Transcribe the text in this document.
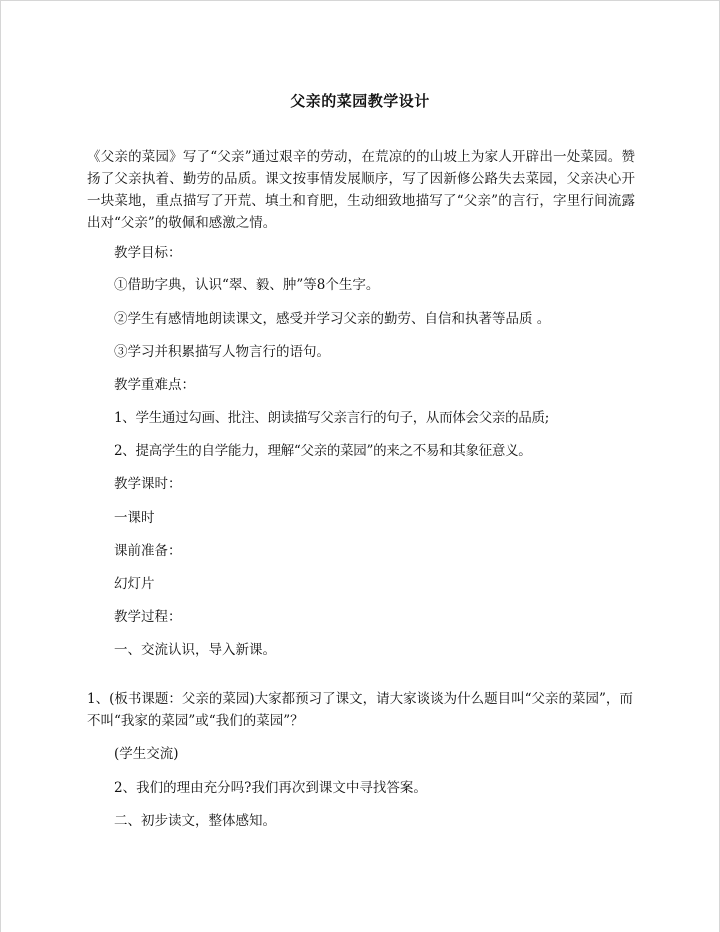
父亲的菜园教学设计

《父亲的菜园》写了“父亲”通过艰辛的劳动，在荒凉的的山坡上为家人开辟出一处菜园。赞扬了父亲执着、勤劳的品质。课文按事情发展顺序，写了因新修公路失去菜园，父亲决心开一块菜地，重点描写了开荒、填土和育肥，生动细致地描写了“父亲”的言行，字里行间流露出对“父亲”的敬佩和感激之情。

教学目标：

①借助字典，认识“翠、毅、肿”等8个生字。

②学生有感情地朗读课文，感受并学习父亲的勤劳、自信和执著等品质 。

③学习并积累描写人物言行的语句。

教学重难点：

1、学生通过勾画、批注、朗读描写父亲言行的句子，从而体会父亲的品质;

2、提高学生的自学能力，理解“父亲的菜园”的来之不易和其象征意义。

教学课时：

一课时

课前准备：

幻灯片

教学过程：

一、交流认识，导入新课。

1、(板书课题：父亲的菜园)大家都预习了课文，请大家谈谈为什么题目叫“父亲的菜园”，而不叫“我家的菜园”或“我们的菜园”？

(学生交流)

2、我们的理由充分吗?我们再次到课文中寻找答案。

二、初步读文，整体感知。
